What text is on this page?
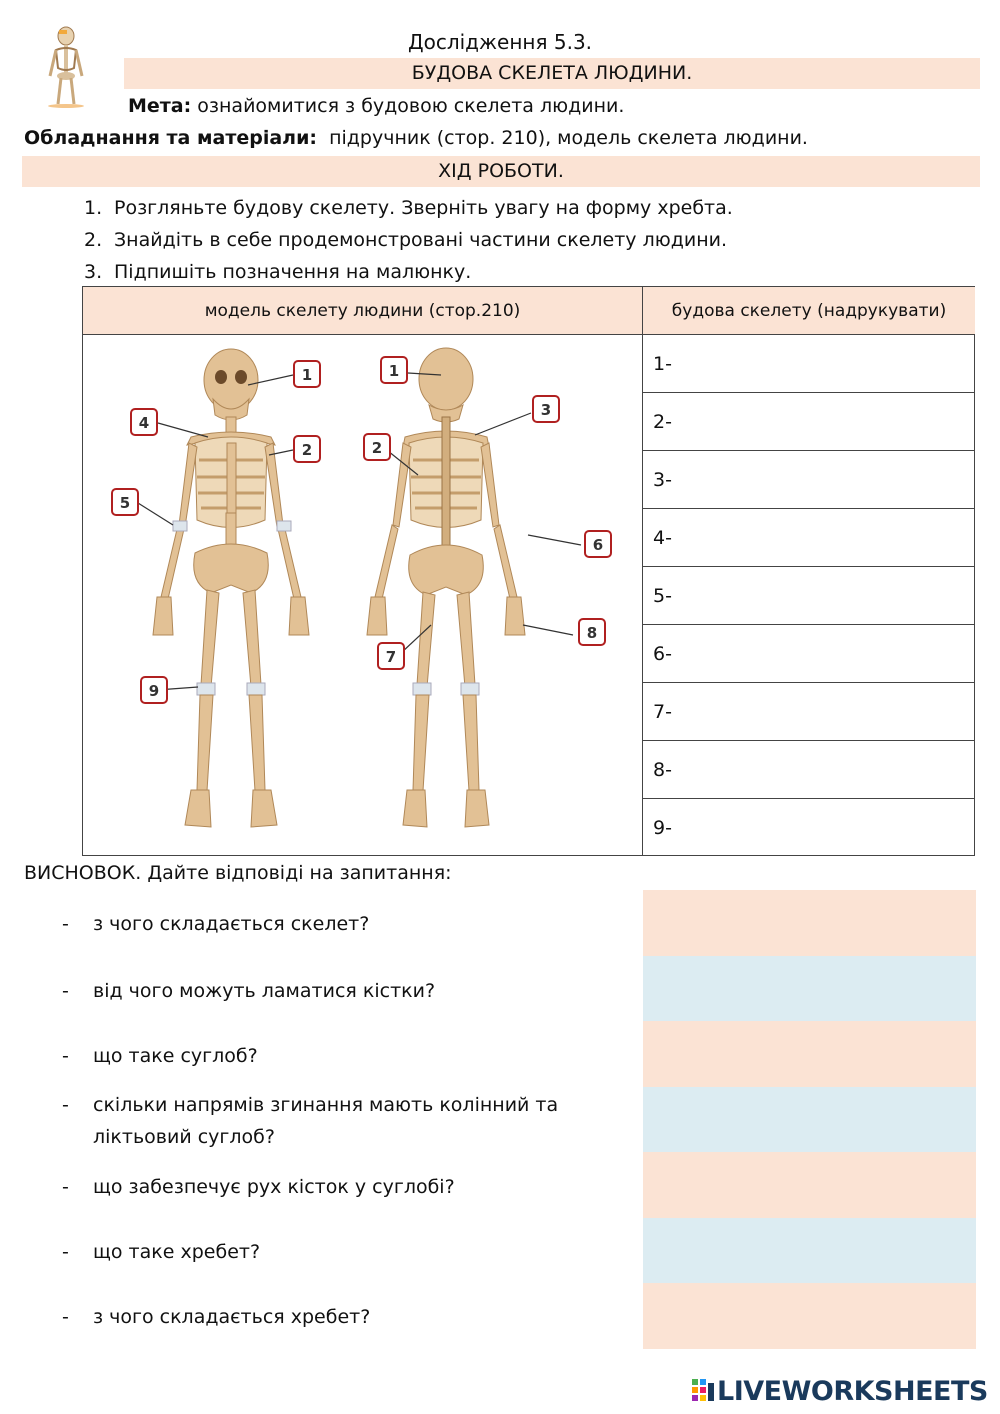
Дослідження 5.3.
БУДОВА СКЕЛЕТА ЛЮДИНИ.
Мета: ознайомитися з будовою скелета людини.
Обладнання та матеріали: підручник (стор. 210), модель скелета людини.
ХІД РОБОТИ.
1. Розгляньте будову скелету. Зверніть увагу на форму хребта.
2. Знайдіть в себе продемонстровані частини скелету людини.
3. Підпишіть позначення на малюнку.
модель скелету людини (стор.210)	будова скелету (надрукувати)
1
4
2
5
9
1
3
2
6
8
7
1-
2-
3-
4-
5-
6-
7-
8-
9-
ВИСНОВОК. Дайте відповіді на запитання:
- з чого складається скелет?
- від чого можуть ламатися кістки?
- що таке суглоб?
- скільки напрямів згинання мають колінний та ліктьовий суглоб?
- що забезпечує рух кісток у суглобі?
- що таке хребет?
- з чого складається хребет?
LIVEWORKSHEETS
